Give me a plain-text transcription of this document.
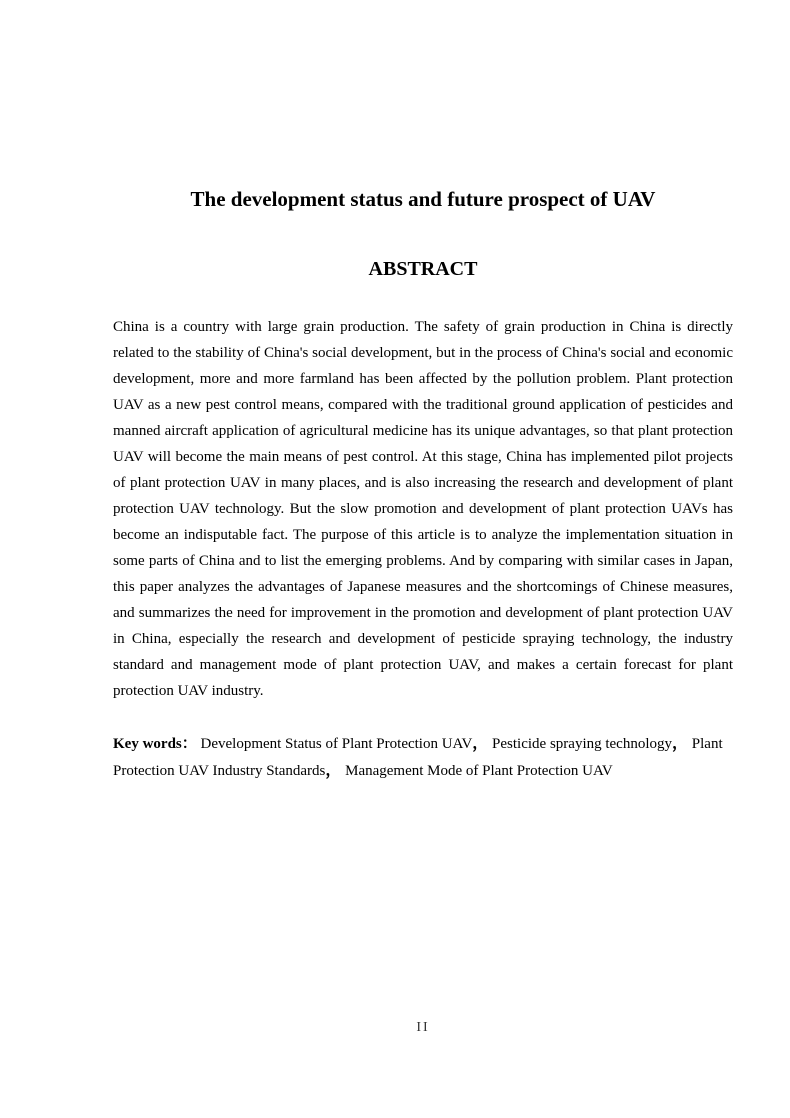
The development status and future prospect of UAV
ABSTRACT

China is a country with large grain production. The safety of grain production in China is directly related to the stability of China's social development, but in the process of China's social and economic development, more and more farmland has been affected by the pollution problem. Plant protection UAV as a new pest control means, compared with the traditional ground application of pesticides and manned aircraft application of agricultural medicine has its unique advantages, so that plant protection UAV will become the main means of pest control. At this stage, China has implemented pilot projects of plant protection UAV in many places, and is also increasing the research and development of plant protection UAV technology. But the slow promotion and development of plant protection UAVs has become an indisputable fact. The purpose of this article is to analyze the implementation situation in some parts of China and to list the emerging problems. And by comparing with similar cases in Japan, this paper analyzes the advantages of Japanese measures and the shortcomings of Chinese measures, and summarizes the need for improvement in the promotion and development of plant protection UAV in China, especially the research and development of pesticide spraying technology, the industry standard and management mode of plant protection UAV, and makes a certain forecast for plant protection UAV industry.

Key words： Development Status of Plant Protection UAV， Pesticide spraying technology， Plant Protection UAV Industry Standards， Management Mode of Plant Protection UAV

II
